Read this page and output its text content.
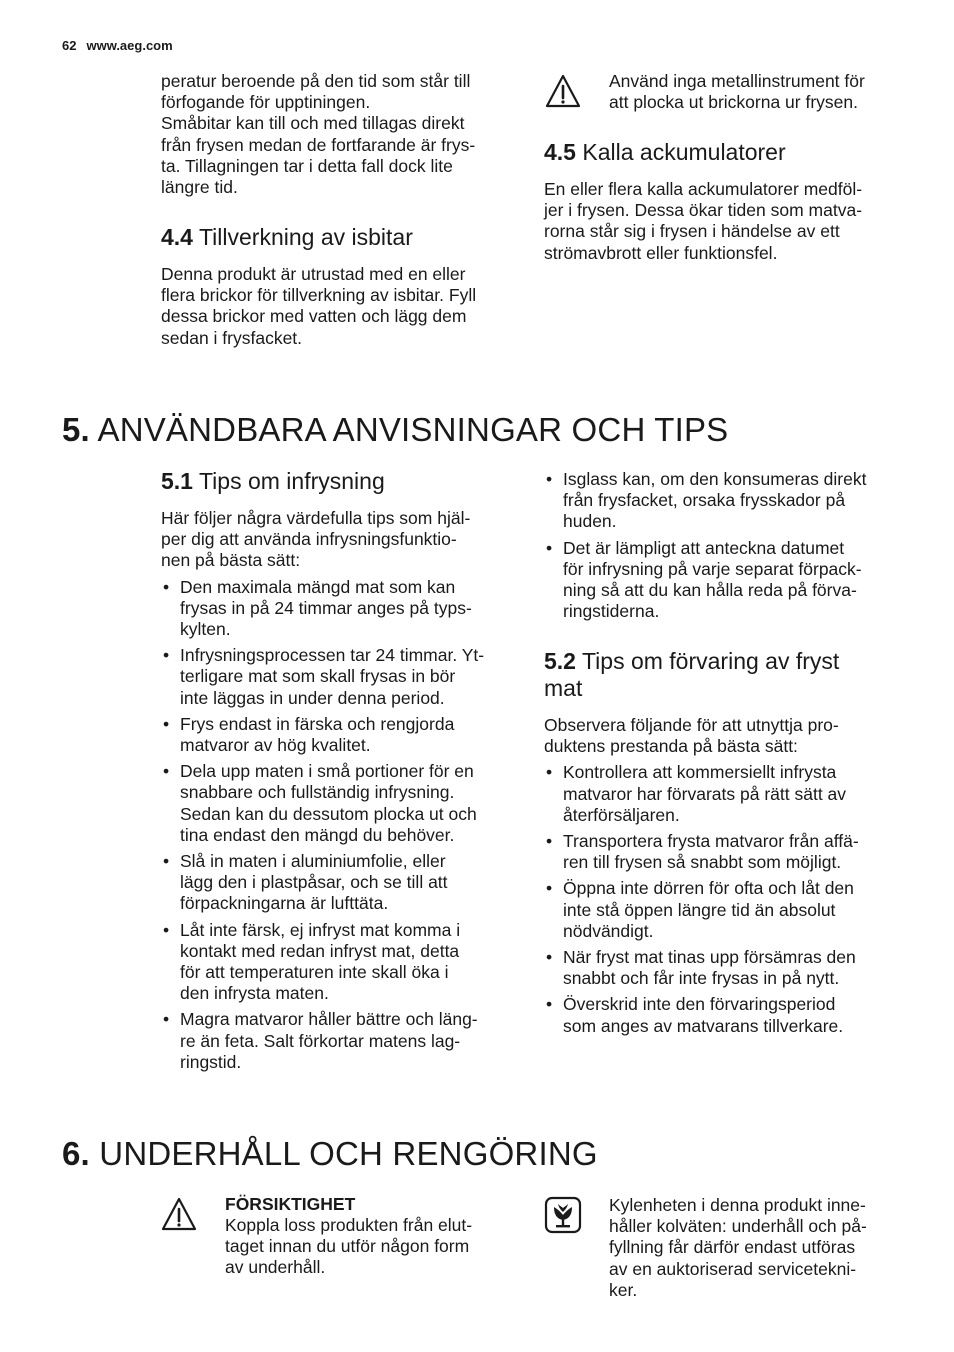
62 www.aeg.com

peratur beroende på den tid som står till
förfogande för upptiningen.
Småbitar kan till och med tillagas direkt
från frysen medan de fortfarande är frys-
ta. Tillagningen tar i detta fall dock lite
längre tid.

4.4 Tillverkning av isbitar

Denna produkt är utrustad med en eller
flera brickor för tillverkning av isbitar. Fyll
dessa brickor med vatten och lägg dem
sedan i frysfacket.

Använd inga metallinstrument för
att plocka ut brickorna ur frysen.

4.5 Kalla ackumulatorer

En eller flera kalla ackumulatorer medföl-
jer i frysen. Dessa ökar tiden som matva-
rorna står sig i frysen i händelse av ett
strömavbrott eller funktionsfel.

5. ANVÄNDBARA ANVISNINGAR OCH TIPS
5.1 Tips om infrysning

Här följer några värdefulla tips som hjäl-
per dig att använda infrysningsfunktio-
nen på bästa sätt:

• Den maximala mängd mat som kan
frysas in på 24 timmar anges på typs-
kylten.
• Infrysningsprocessen tar 24 timmar. Yt-
terligare mat som skall frysas in bör
inte läggas in under denna period.
• Frys endast in färska och rengjorda
matvaror av hög kvalitet.
• Dela upp maten i små portioner för en
snabbare och fullständig infrysning.
Sedan kan du dessutom plocka ut och
tina endast den mängd du behöver.
• Slå in maten i aluminiumfolie, eller
lägg den i plastpåsar, och se till att
förpackningarna är lufttäta.
• Låt inte färsk, ej infryst mat komma i
kontakt med redan infryst mat, detta
för att temperaturen inte skall öka i
den infrysta maten.
• Magra matvaror håller bättre och läng-
re än feta. Salt förkortar matens lag-
ringstid.
• Isglass kan, om den konsumeras direkt
från frysfacket, orsaka frysskador på
huden.
• Det är lämpligt att anteckna datumet
för infrysning på varje separat förpack-
ning så att du kan hålla reda på förva-
ringstiderna.
5.2 Tips om förvaring av fryst
mat

Observera följande för att utnyttja pro-
duktens prestanda på bästa sätt:

• Kontrollera att kommersiellt infrysta
matvaror har förvarats på rätt sätt av
återförsäljaren.
• Transportera frysta matvaror från affä-
ren till frysen så snabbt som möjligt.
• Öppna inte dörren för ofta och låt den
inte stå öppen längre tid än absolut
nödvändigt.
• När fryst mat tinas upp försämras den
snabbt och får inte frysas in på nytt.
• Överskrid inte den förvaringsperiod
som anges av matvarans tillverkare.
6. UNDERHÅLL OCH RENGÖRING
FÖRSIKTIGHET

Koppla loss produkten från elut-
taget innan du utför någon form
av underhåll.

Kylenheten i denna produkt inne-
håller kolväten: underhåll och på-
fyllning får därför endast utföras
av en auktoriserad servicetekni-
ker.
